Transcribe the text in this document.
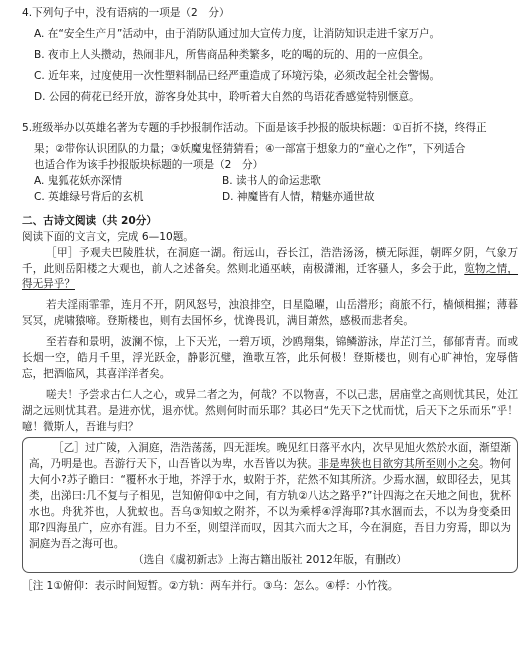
4.下列句子中，没有语病的一项是（2　分）

A. 在“安全生产月”活动中，由于消防队通过加大宣传力度，让消防知识走进千家万户。

B. 夜市上人头攒动，热闹非凡，所售商品种类繁多，吃的喝的玩的、用的一应俱全。

C. 近年来，过度使用一次性塑料制品已经严重造成了环境污染，必须改起全社会警惕。

D. 公园的荷花已经开放，游客身处其中，聆听着大自然的鸟语花香感觉特别惬意。

5.班级举办以英雄名著为专题的手抄报制作活动。下面是该手抄报的版块标题：①百折不挠，终得正

果；②带你认识团队的力量；③妖魔鬼怪猜猜看；④一部富于想象力的“童心之作”，下列适合

也适合作为该手抄报版块标题的一项是（2　分）

A. 鬼狐花妖亦深情	B. 读书人的命运悲歌
C. 英雄绿号背后的玄机	D. 神魔皆有人情，精魅亦通世故

二、古诗文阅读（共 20分）

阅读下面的文言文，完成 6—10题。

［甲］予观夫巴陵胜状，在洞庭一湖。衔远山，吞长江，浩浩汤汤，横无际涯，朝晖夕阴，气象万千，此则岳阳楼之大观也，前人之述备矣。然则北通巫峡，南极潇湘，迁客骚人，多会于此，览物之情，得无异乎？

若夫淫雨霏霏，连月不开，阴风怒号，浊浪排空，日星隐曜，山岳潜形；商旅不行，樯倾楫摧；薄暮冥冥，虎啸猿啼。登斯楼也，则有去国怀乡，忧谗畏讥，满目萧然，感极而悲者矣。

至若春和景明，波澜不惊，上下天光，一碧万顷，沙鸥翔集，锦鳞游泳，岸芷汀兰，郁郁青青。而或长烟一空，皓月千里，浮光跃金，静影沉璧，渔歌互答，此乐何极！登斯楼也，则有心旷神怡，宠辱偕忘，把酒临风，其喜洋洋者矣。

嗟夫！予尝求古仁人之心，或异二者之为，何哉？不以物喜，不以己悲，居庙堂之高则忧其民，处江湖之远则忧其君。是进亦忧，退亦忧。然则何时而乐耶？其必曰“先天下之忧而忧，后天下之乐而乐”乎！噫！微斯人，吾谁与归？

［乙］过广陵，入洞庭，浩浩荡荡，四无涯埃。晚见红日落平水内，次早见旭火然於水面，渐望渐高，乃明是也。吾游行天下，山吾皆以为卑，水吾皆以为狭。非是卑狭也目欲穷其所至则小之矣。物何大何小?苏子瞻曰：“覆杯水于地，芥浮于水，蚁附于芥，茫然不知其所济。少焉水涸，蚁即径去，见其类，出涕曰:几不复与子相见，岂知俯仰①中之间，有方轨②八达之路乎?”计四海之在天地之间也，犹杯水也。舟犹芥也，人犹蚁也。吾乌③知蚁之附芥，不以为乘桴④浮海耶?其水涸而去，不以为身变桑田耶?四海虽广，应亦有涯。目力不至，则望洋而叹，因其六而大之耳，今在洞庭，吾目力穷焉，即以为洞庭为吾之海可也。

（选自《虞初新志》上海古籍出版社 2012年版，有删改）

［注 1①俯仰：表示时间短暂。②方轨：两车并行。③乌：怎么。④桴：小竹筏。
